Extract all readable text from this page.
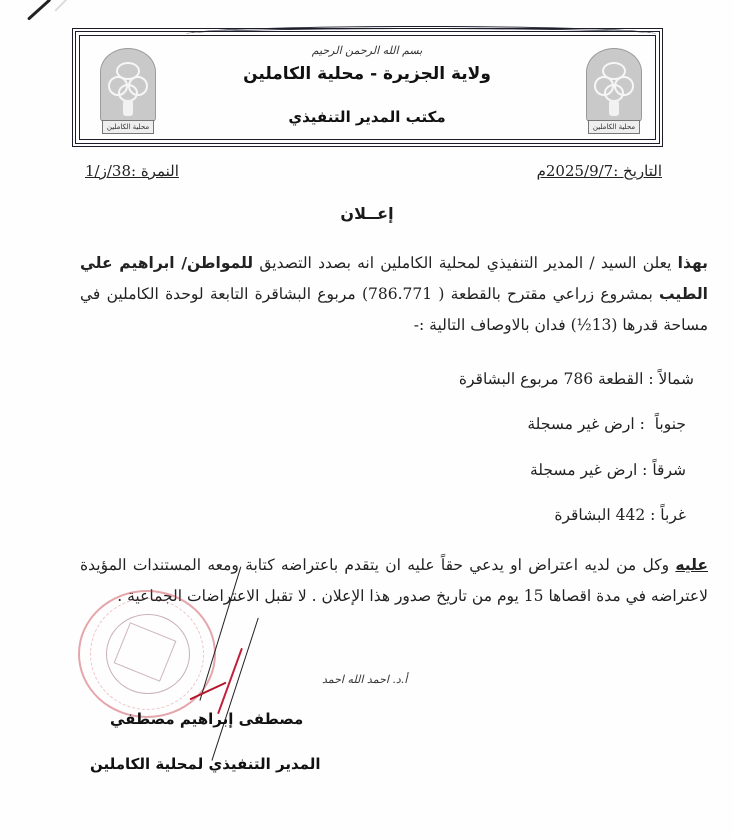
محلية الكاملين	محلية الكاملين
بسم الله الرحمن الرحيم
ولاية الجزيرة - محلية الكاملين
مكتب المدير التنفيذي
التاريخ :2025/9/7م
النمرة :38/ز/1
إعــلان

بهذا يعلن السيد / المدير التنفيذي لمحلية الكاملين انه بصدد التصديق للمواطن/ ابراهيم علي الطيب بمشروع زراعي مقترح بالقطعة ( 786.771) مربوع البشاقرة التابعة لوحدة الكاملين في مساحة قدرها (13½) فدان بالاوصاف التالية :-

شمالاً : القطعة 786 مربوع البشاقرة
جنوباً  : ارض غير مسجلة
شرقاً : ارض غير مسجلة
غرباً : 442 البشاقرة

عليه وكل من لديه اعتراض او يدعي حقاً عليه ان يتقدم باعتراضه كتابة ومعه المستندات المؤيدة لاعتراضه في مدة اقصاها 15 يوم من تاريخ صدور هذا الإعلان . لا تقبل الاعتراضات الجماعية .

أ.د. احمد الله احمد
مصطفى إبراهيم مصطفي
المدير التنفيذي لمحلية الكاملين
